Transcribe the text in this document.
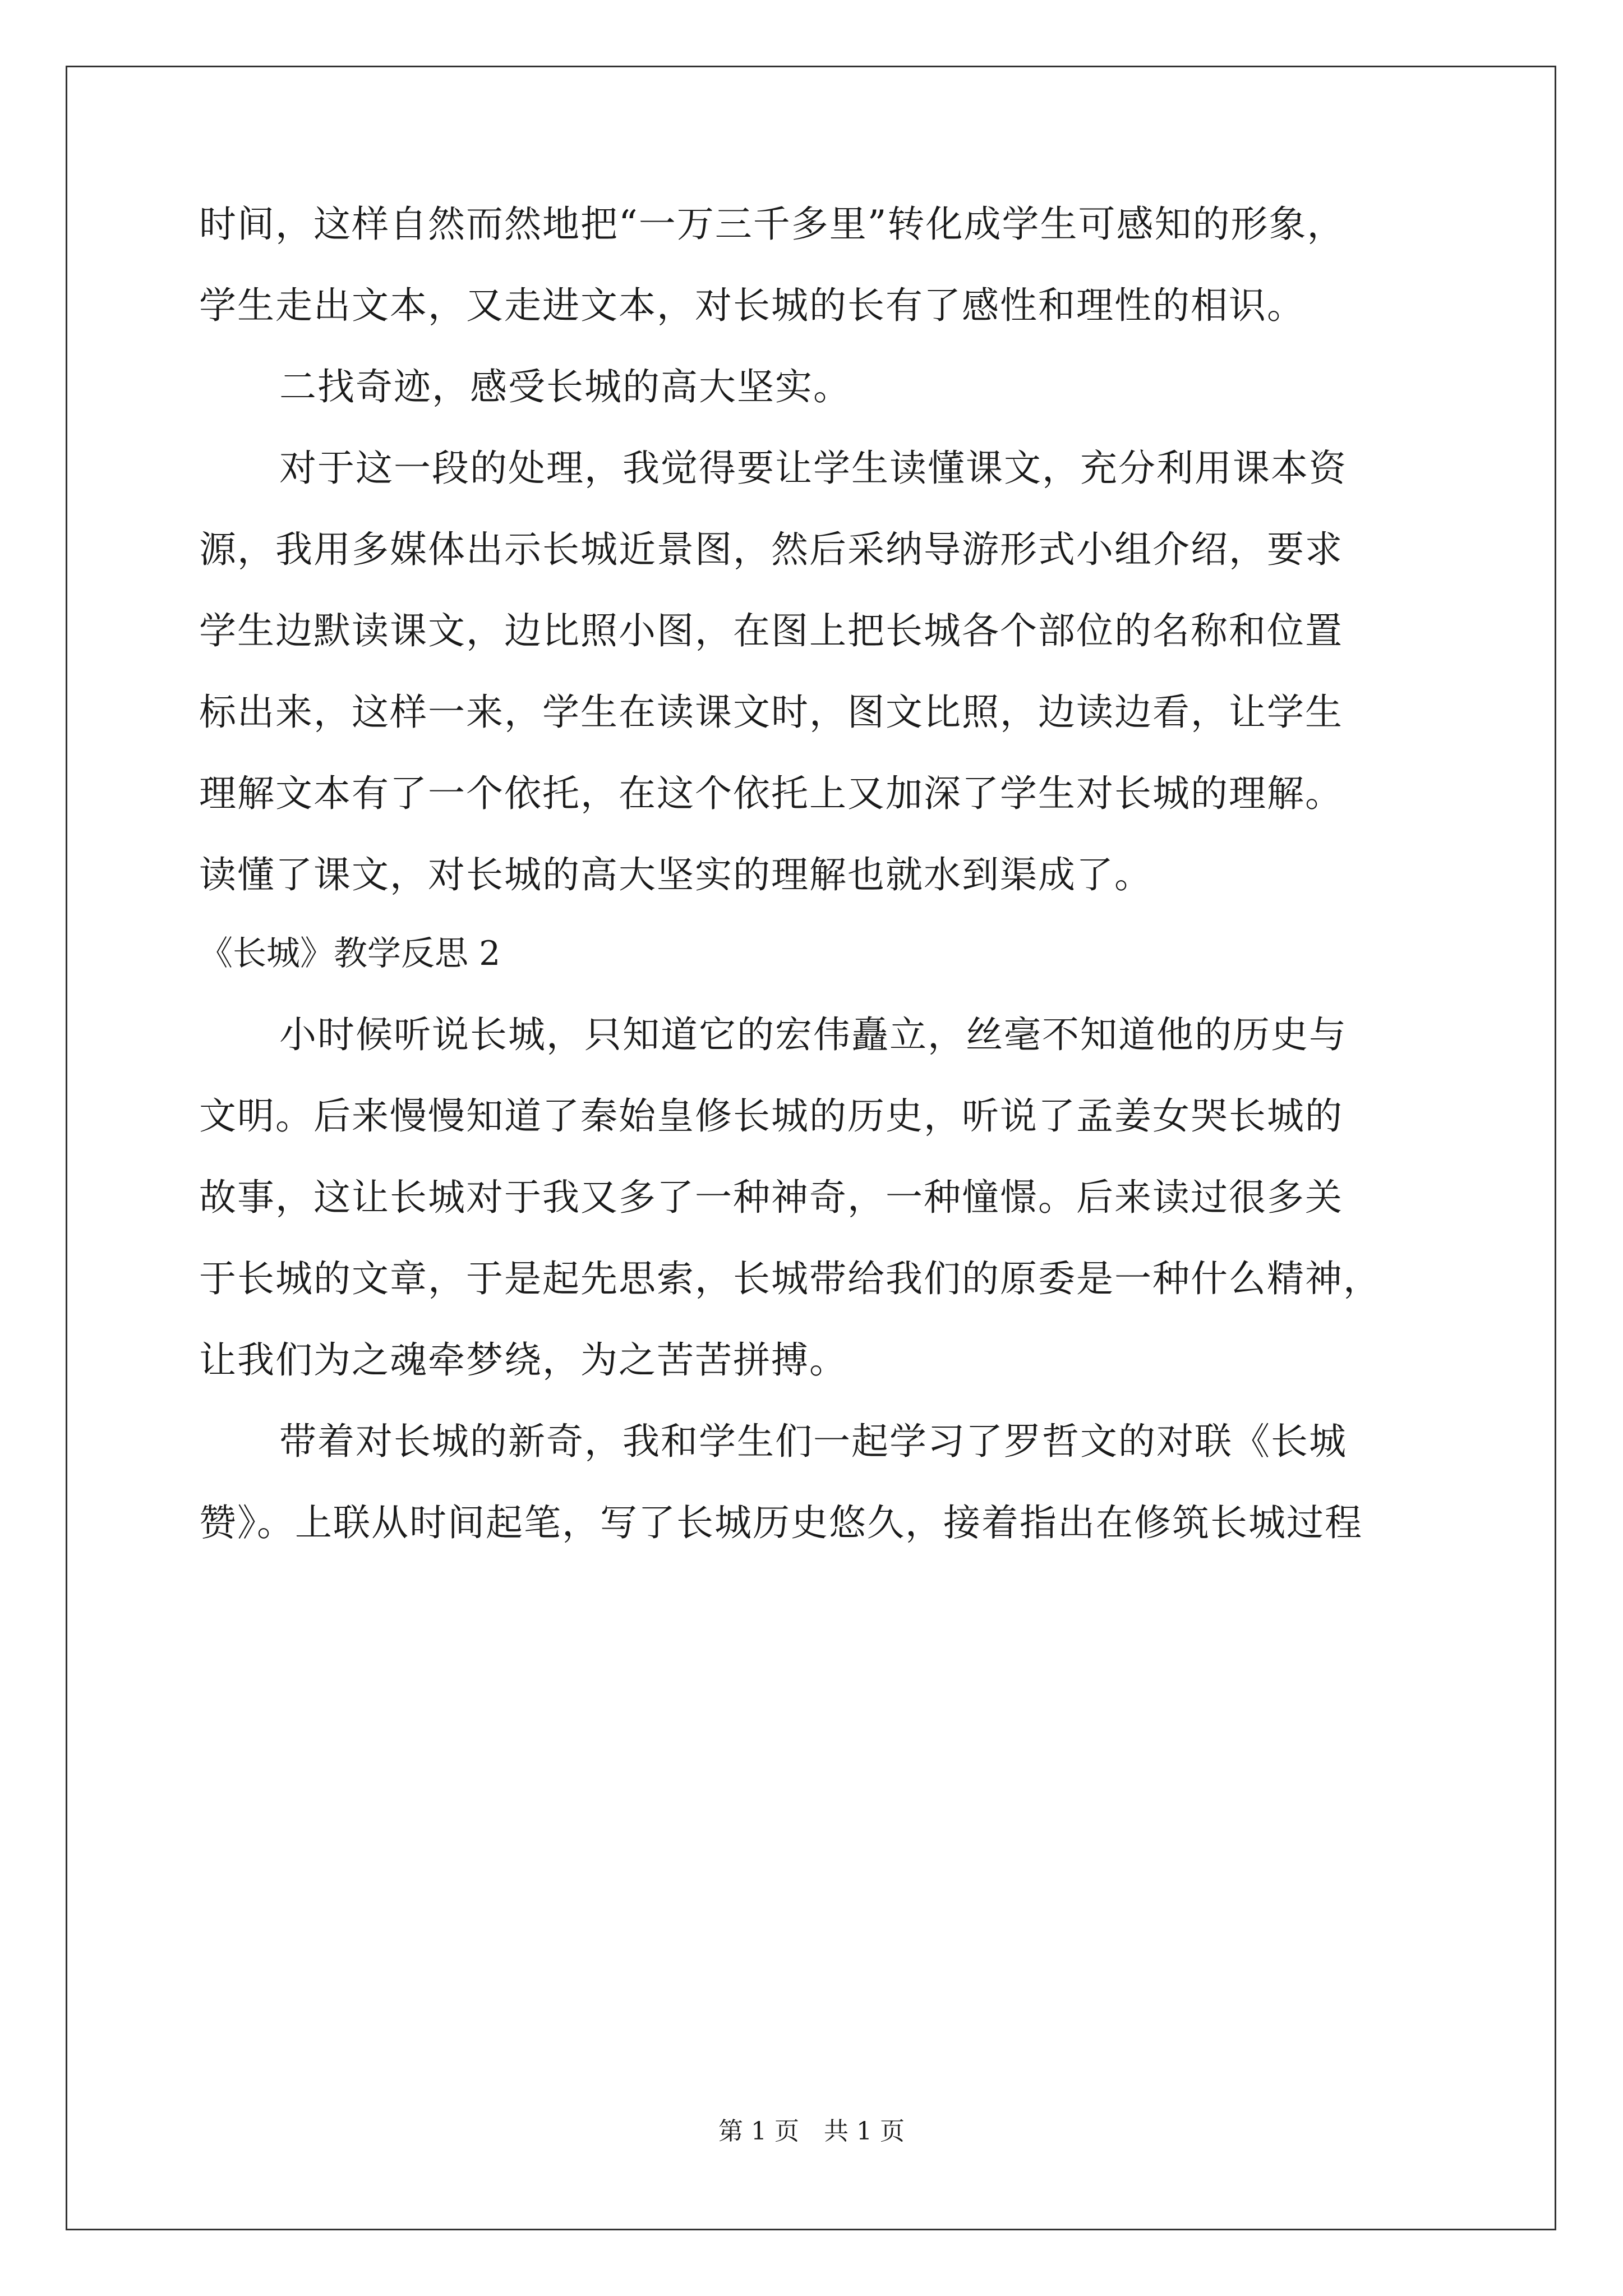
时间，这样自然而然地把“一万三千多里”转化成学生可感知的形象，
学生走出文本，又走进文本，对长城的长有了感性和理性的相识。
二找奇迹，感受长城的高大坚实。
对于这一段的处理，我觉得要让学生读懂课文，充分利用课本资
源，我用多媒体出示长城近景图，然后采纳导游形式小组介绍，要求
学生边默读课文，边比照小图，在图上把长城各个部位的名称和位置
标出来，这样一来，学生在读课文时，图文比照，边读边看，让学生
理解文本有了一个依托，在这个依托上又加深了学生对长城的理解。
读懂了课文，对长城的高大坚实的理解也就水到渠成了。
《长城》教学反思 2
小时候听说长城，只知道它的宏伟矗立，丝毫不知道他的历史与
文明。后来慢慢知道了秦始皇修长城的历史，听说了孟姜女哭长城的
故事，这让长城对于我又多了一种神奇，一种憧憬。后来读过很多关
于长城的文章，于是起先思索，长城带给我们的原委是一种什么精神，
让我们为之魂牵梦绕，为之苦苦拼搏。
带着对长城的新奇，我和学生们一起学习了罗哲文的对联《长城
赞》。上联从时间起笔，写了长城历史悠久，接着指出在修筑长城过程
第 1 页　共 1 页
